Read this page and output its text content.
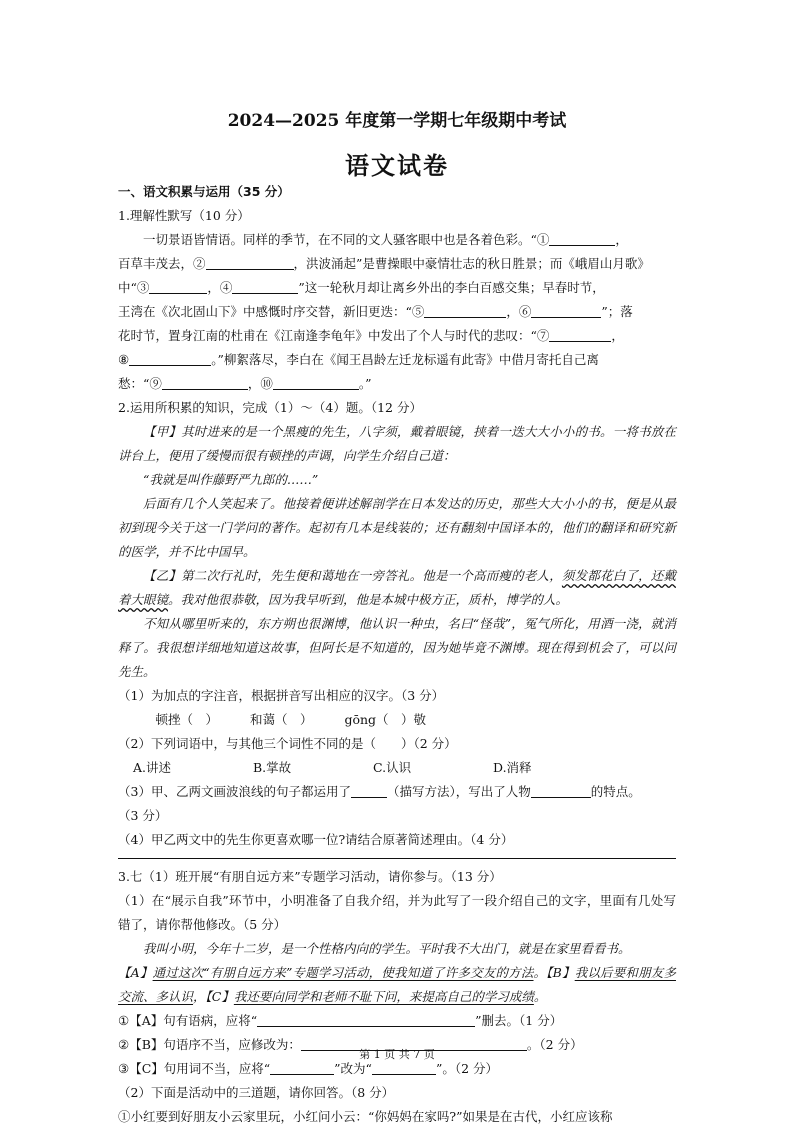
2024—2025 年度第一学期七年级期中考试
语文试卷
一、语文积累与运用（35 分）
1.理解性默写（10 分）
一切景语皆情语。同样的季节，在不同的文人骚客眼中也是各着色彩。“①	，
百草丰茂去，②	，洪波涌起”是曹操眼中豪情壮志的秋日胜景；而《峨眉山月歌》
中“③	，④	”这一轮秋月却让离乡外出的李白百感交集；早春时节，
王湾在《次北固山下》中感慨时序交替，新旧更迭：“⑤	，⑥	”；落
花时节，置身江南的杜甫在《江南逢李龟年》中发出了个人与时代的悲叹：“⑦	，
⑧	。”柳絮落尽，李白在《闻王昌龄左迁龙标遥有此寄》中借月寄托自己离
愁：“⑨	，⑩	。”
2.运用所积累的知识，完成（1）～（4）题。（12 分）
【甲】其时进来的是一个黑瘦的先生，八字须，戴着眼镜，挟着一迭大大小小的书。一将书放在讲台上，便用了缓慢而很有顿挫的声调，向学生介绍自己道：
“我就是叫作藤野严九郎的……”
后面有几个人笑起来了。他接着便讲述解剖学在日本发达的历史，那些大大小小的书，便是从最初到现今关于这一门学问的著作。起初有几本是线装的；还有翻刻中国译本的，他们的翻译和研究新的医学，并不比中国早。
【乙】第二次行礼时，先生便和蔼地在一旁答礼。他是一个高而瘦的老人，须发都花白了，还戴着大眼镜。我对他很恭敬，因为我早听到，他是本城中极方正，质朴，博学的人。
不知从哪里听来的，东方朔也很渊博，他认识一种虫，名曰“怪哉”，冤气所化，用酒一浇，就消释了。我很想详细地知道这故事，但阿长是不知道的，因为她毕竟不渊博。现在得到机会了，可以问先生。
（1）为加点的字注音，根据拼音写出相应的汉字。（3 分）
顿挫（　）	和蔼（　）	gōng（　）敬
（2）下列词语中，与其他三个词性不同的是（　　）（2 分）
A.讲述	B.掌故	C.认识	D.消释
（3）甲、乙两文画波浪线的句子都运用了	（描写方法），写出了人物	的特点。
（3 分）
（4）甲乙两文中的先生你更喜欢哪一位?请结合原著简述理由。（4 分）
3.七（1）班开展“有朋自远方来”专题学习活动，请你参与。（13 分）
（1）在“展示自我”环节中，小明准备了自我介绍，并为此写了一段介绍自己的文字，里面有几处写错了，请你帮他修改。（5 分）
我叫小明，今年十二岁，是一个性格内向的学生。平时我不大出门，就是在家里看看书。
【A】通过这次“有朋自远方来”专题学习活动，使我知道了许多交友的方法。【B】我以后要和朋友多交流、多认识，【C】我还要向同学和老师不耻下问，来提高自己的学习成绩。
①【A】句有语病，应将“	”删去。（1 分）
②【B】句语序不当，应修改为：	。（2 分）
③【C】句用词不当，应将“	”改为“	”。（2 分）
（2）下面是活动中的三道题，请你回答。（8 分）
①小红要到好朋友小云家里玩，小红问小云：“你妈妈在家吗?”如果是在古代，小红应该称
第 1 页 共 7 页
